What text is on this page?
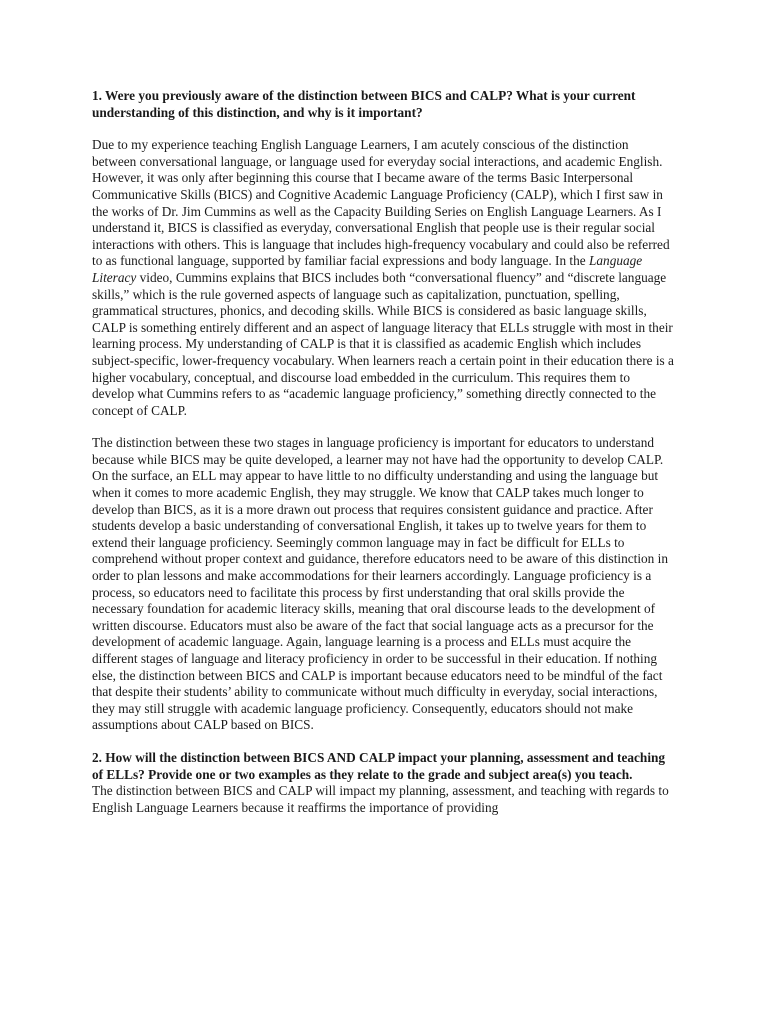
1. Were you previously aware of the distinction between BICS and CALP? What is your current understanding of this distinction, and why is it important?

Due to my experience teaching English Language Learners, I am acutely conscious of the distinction between conversational language, or language used for everyday social interactions, and academic English. However, it was only after beginning this course that I became aware of the terms Basic Interpersonal Communicative Skills (BICS) and Cognitive Academic Language Proficiency (CALP), which I first saw in the works of Dr. Jim Cummins as well as the Capacity Building Series on English Language Learners. As I understand it, BICS is classified as everyday, conversational English that people use is their regular social interactions with others. This is language that includes high-frequency vocabulary and could also be referred to as functional language, supported by familiar facial expressions and body language. In the Language Literacy video, Cummins explains that BICS includes both “conversational fluency” and “discrete language skills,” which is the rule governed aspects of language such as capitalization, punctuation, spelling, grammatical structures, phonics, and decoding skills. While BICS is considered as basic language skills, CALP is something entirely different and an aspect of language literacy that ELLs struggle with most in their learning process. My understanding of CALP is that it is classified as academic English which includes subject-specific, lower-frequency vocabulary. When learners reach a certain point in their education there is a higher vocabulary, conceptual, and discourse load embedded in the curriculum. This requires them to develop what Cummins refers to as “academic language proficiency,” something directly connected to the concept of CALP.

The distinction between these two stages in language proficiency is important for educators to understand because while BICS may be quite developed, a learner may not have had the opportunity to develop CALP. On the surface, an ELL may appear to have little to no difficulty understanding and using the language but when it comes to more academic English, they may struggle. We know that CALP takes much longer to develop than BICS, as it is a more drawn out process that requires consistent guidance and practice. After students develop a basic understanding of conversational English, it takes up to twelve years for them to extend their language proficiency. Seemingly common language may in fact be difficult for ELLs to comprehend without proper context and guidance, therefore educators need to be aware of this distinction in order to plan lessons and make accommodations for their learners accordingly. Language proficiency is a process, so educators need to facilitate this process by first understanding that oral skills provide the necessary foundation for academic literacy skills, meaning that oral discourse leads to the development of written discourse. Educators must also be aware of the fact that social language acts as a precursor for the development of academic language. Again, language learning is a process and ELLs must acquire the different stages of language and literacy proficiency in order to be successful in their education. If nothing else, the distinction between BICS and CALP is important because educators need to be mindful of the fact that despite their students’ ability to communicate without much difficulty in everyday, social interactions, they may still struggle with academic language proficiency. Consequently, educators should not make assumptions about CALP based on BICS.

2. How will the distinction between BICS AND CALP impact your planning, assessment and teaching of ELLs? Provide one or two examples as they relate to the grade and subject area(s) you teach.

The distinction between BICS and CALP will impact my planning, assessment, and teaching with regards to English Language Learners because it reaffirms the importance of providing
